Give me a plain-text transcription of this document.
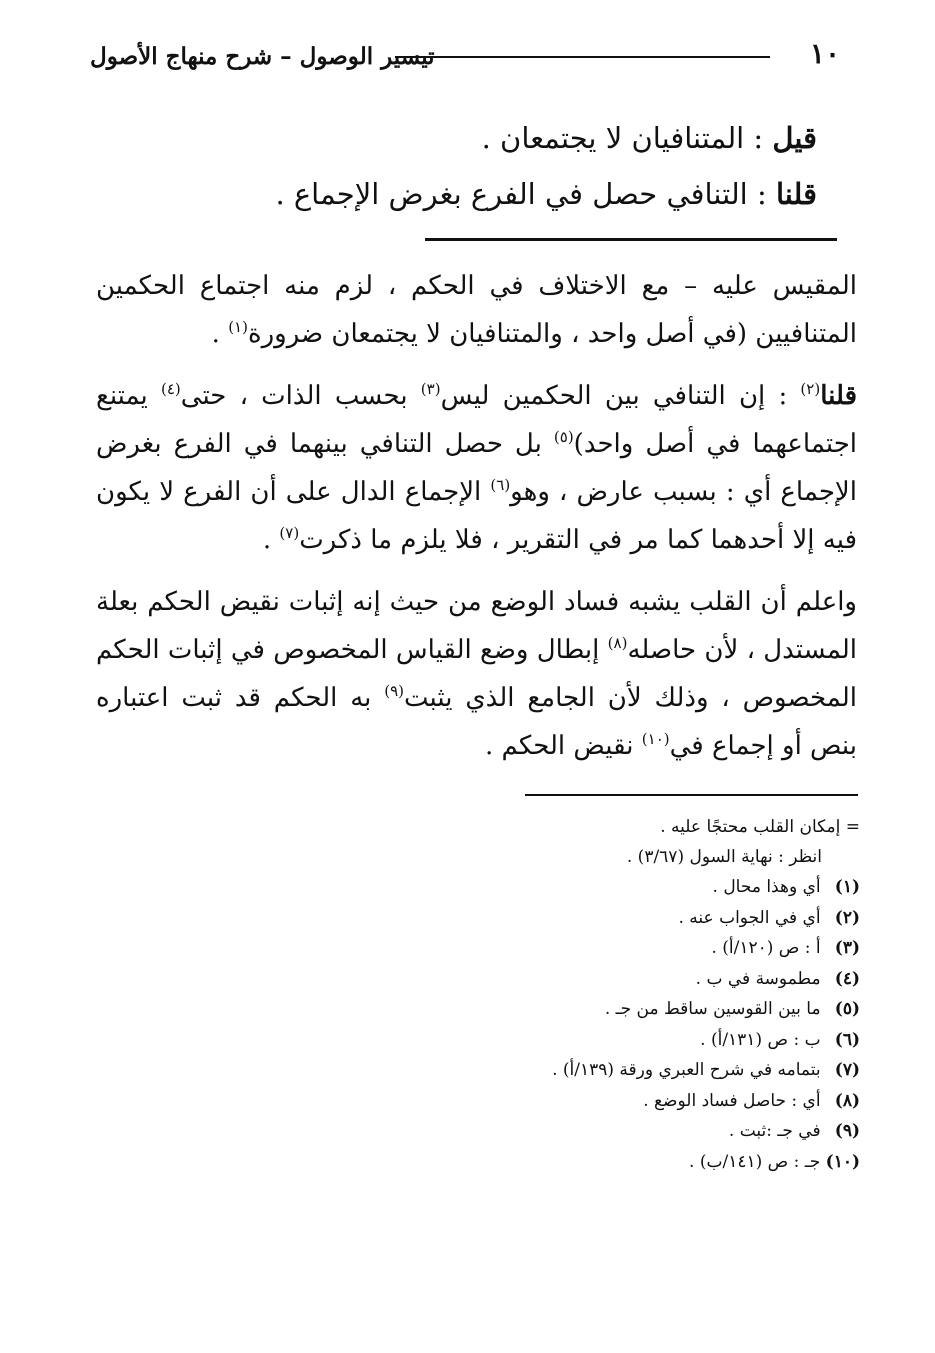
١٠
تيسير الوصول – شرح منهاج الأصول
قيل : المتنافيان لا يجتمعان .
قلنا : التنافي حصل في الفرع بغرض الإجماع .

المقيس عليه – مع الاختلاف في الحكم ، لزم منه اجتماع الحكمين المتنافيين (في أصل واحد ، والمتنافيان لا يجتمعان ضرورة$^{(١)}$ .

قلنا$^{(٢)}$ : إن التنافي بين الحكمين ليس$^{(٣)}$ بحسب الذات ، حتى$^{(٤)}$ يمتنع اجتماعهما في أصل واحد)$^{(٥)}$ بل حصل التنافي بينهما في الفرع بغرض الإجماع أي : بسبب عارض ، وهو$^{(٦)}$ الإجماع الدال على أن الفرع لا يكون فيه إلا أحدهما كما مر في التقرير ، فلا يلزم ما ذكرت$^{(٧)}$ .

واعلم أن القلب يشبه فساد الوضع من حيث إنه إثبات نقيض الحكم بعلة المستدل ، لأن حاصله$^{(٨)}$ إبطال وضع القياس المخصوص في إثبات الحكم المخصوص ، وذلك لأن الجامع الذي يثبت$^{(٩)}$ به الحكم قد ثبت اعتباره بنص أو إجماع في$^{(١٠)}$ نقيض الحكم .

= إمكان القلب محتجًا عليه .
انظر : نهاية السول (٣/٦٧) .
(١) أي وهذا محال .
(٢) أي في الجواب عنه .
(٣) أ : ص (١٢٠/أ) .
(٤) مطموسة في ب .
(٥) ما بين القوسين ساقط من جـ .
(٦) ب : ص (١٣١/أ) .
(٧) بتمامه في شرح العبري ورقة (١٣٩/أ) .
(٨) أي : حاصل فساد الوضع .
(٩) في جـ :ثبت .
(١٠) جـ : ص (١٤١/ب) .
